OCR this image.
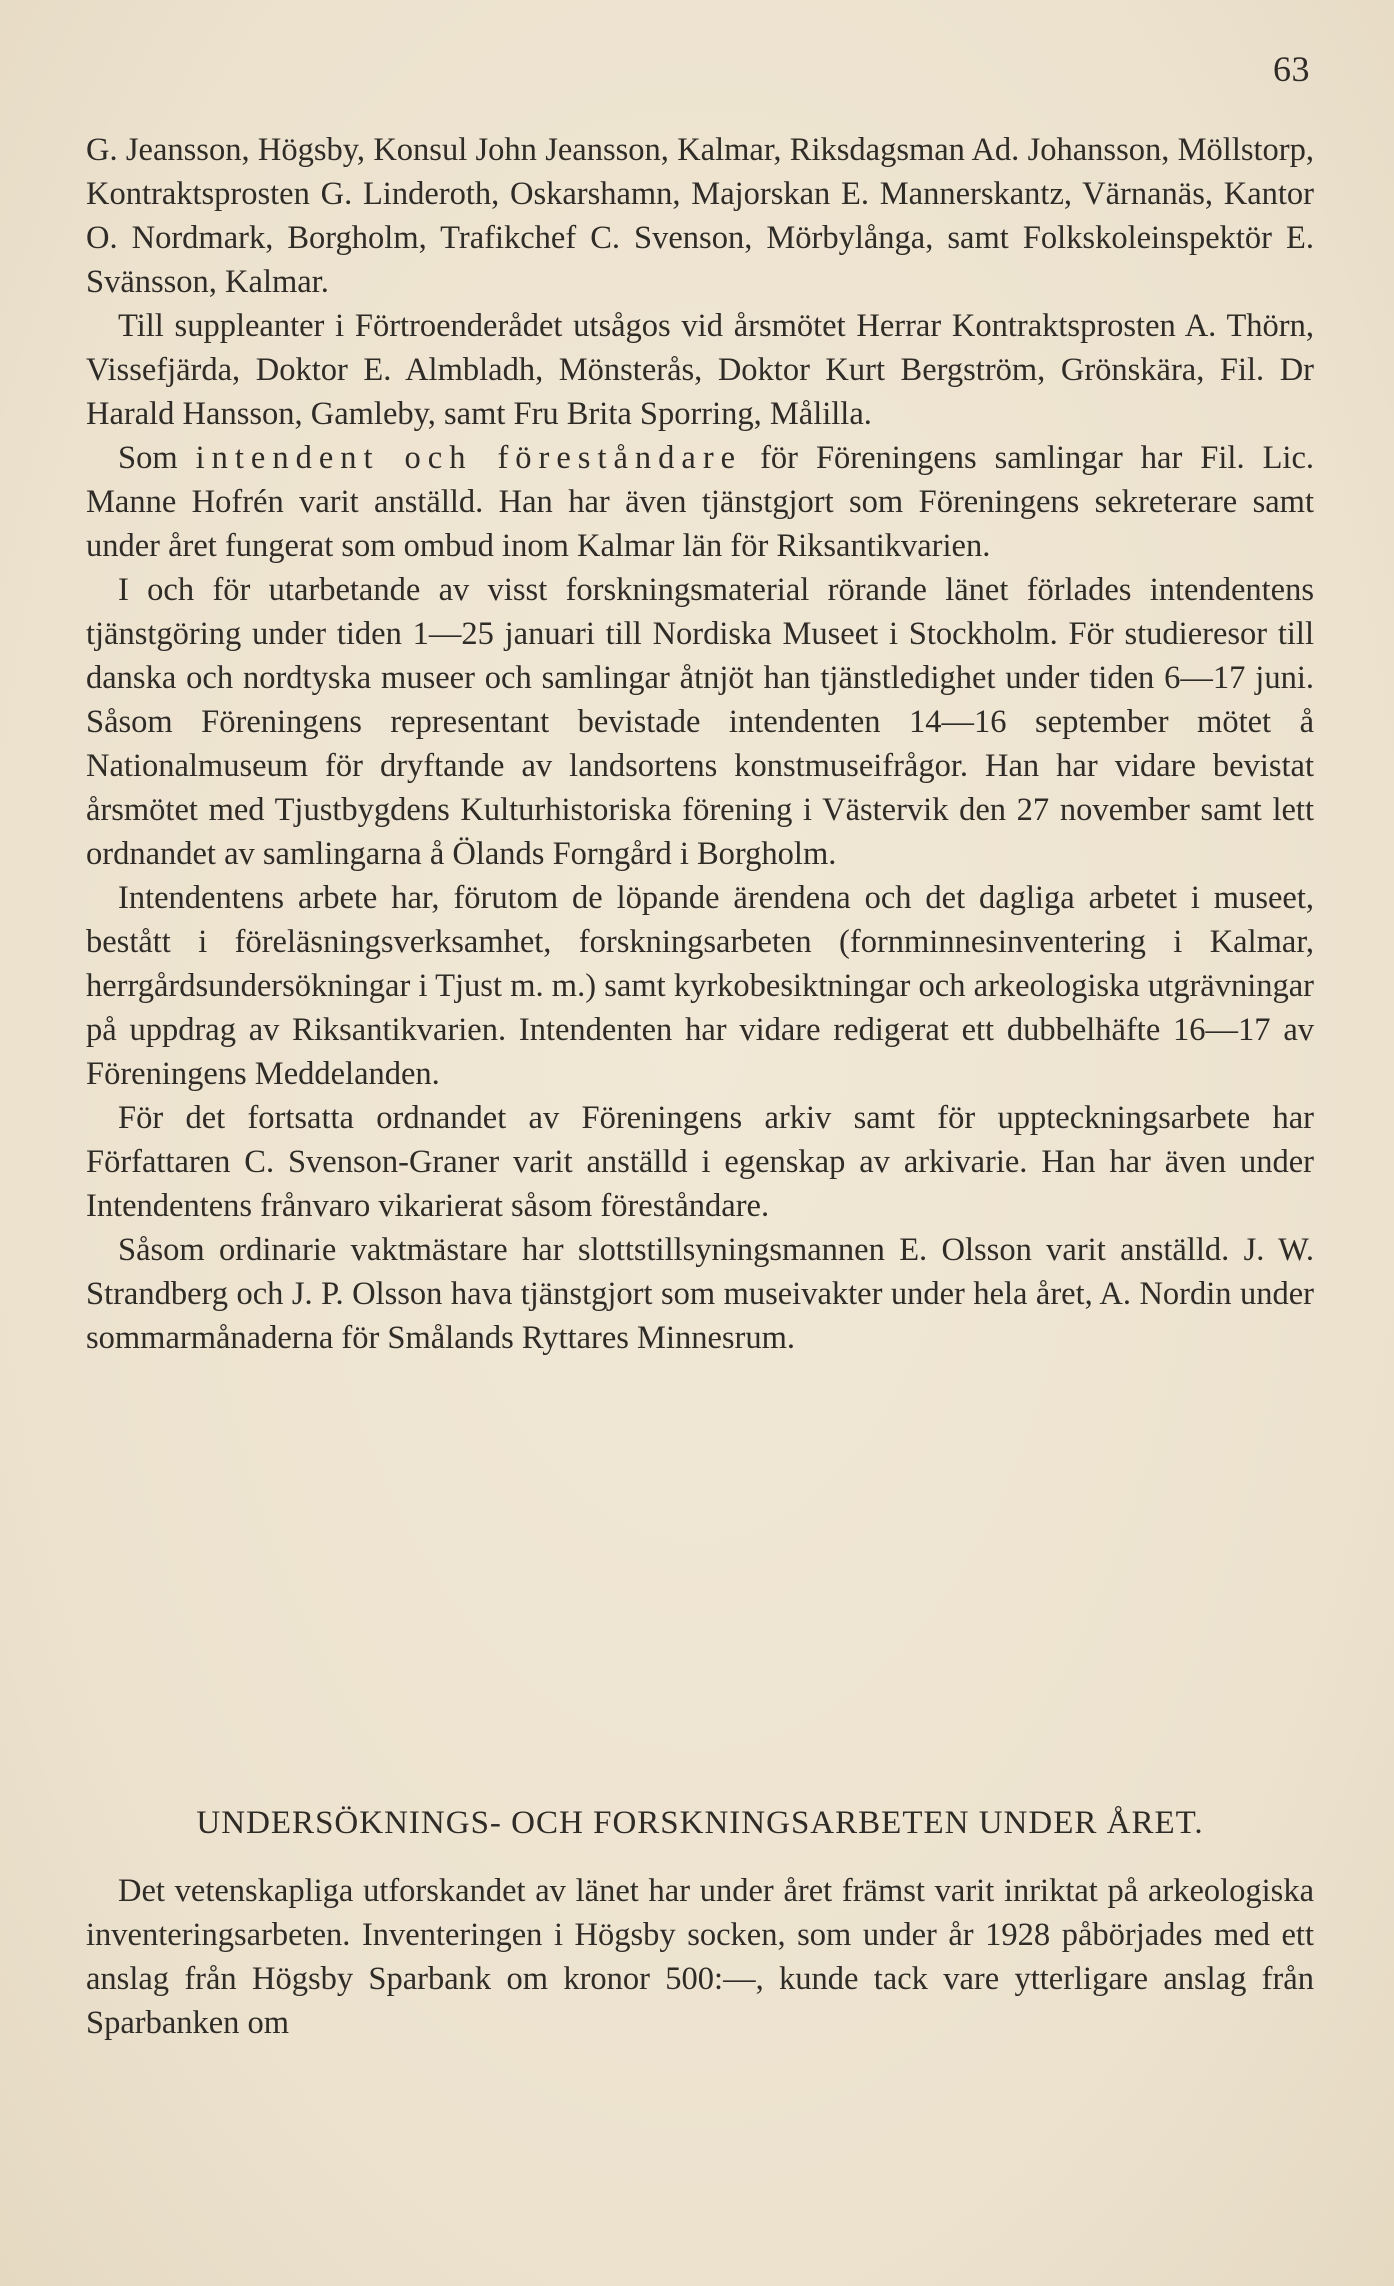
63

G. Jeansson, Högsby, Konsul John Jeansson, Kalmar, Riksdagsman Ad. Johansson, Möllstorp, Kontraktsprosten G. Linderoth, Oskarshamn, Majorskan E. Mannerskantz, Värnanäs, Kantor O. Nordmark, Borgholm, Trafikchef C. Svenson, Mörbylånga, samt Folkskoleinspektör E. Svänsson, Kalmar.

Till suppleanter i Förtroenderådet utsågos vid årsmötet Herrar Kontraktsprosten A. Thörn, Vissefjärda, Doktor E. Almbladh, Mönsterås, Doktor Kurt Bergström, Grönskära, Fil. Dr Harald Hansson, Gamleby, samt Fru Brita Sporring, Målilla.

Som intendent och föreståndare för Föreningens samlingar har Fil. Lic. Manne Hofrén varit anställd. Han har även tjänstgjort som Föreningens sekreterare samt under året fungerat som ombud inom Kalmar län för Riksantikvarien.

I och för utarbetande av visst forskningsmaterial rörande länet förlades intendentens tjänstgöring under tiden 1—25 januari till Nordiska Museet i Stockholm. För studieresor till danska och nordtyska museer och samlingar åtnjöt han tjänstledighet under tiden 6—17 juni. Såsom Föreningens representant bevistade intendenten 14—16 september mötet å Nationalmuseum för dryftande av landsortens konstmuseifrågor. Han har vidare bevistat årsmötet med Tjustbygdens Kulturhistoriska förening i Västervik den 27 november samt lett ordnandet av samlingarna å Ölands Forngård i Borgholm.

Intendentens arbete har, förutom de löpande ärendena och det dagliga arbetet i museet, bestått i föreläsningsverksamhet, forskningsarbeten (fornminnesinventering i Kalmar, herrgårdsundersökningar i Tjust m. m.) samt kyrkobesiktningar och arkeologiska utgrävningar på uppdrag av Riksantikvarien. Intendenten har vidare redigerat ett dubbelhäfte 16—17 av Föreningens Meddelanden.

För det fortsatta ordnandet av Föreningens arkiv samt för uppteckningsarbete har Författaren C. Svenson-Graner varit anställd i egenskap av arkivarie. Han har även under Intendentens frånvaro vikarierat såsom föreståndare.

Såsom ordinarie vaktmästare har slottstillsyningsmannen E. Olsson varit anställd. J. W. Strandberg och J. P. Olsson hava tjänstgjort som museivakter under hela året, A. Nordin under sommarmånaderna för Smålands Ryttares Minnesrum.

UNDERSÖKNINGS- OCH FORSKNINGSARBETEN UNDER ÅRET.

Det vetenskapliga utforskandet av länet har under året främst varit inriktat på arkeologiska inventeringsarbeten. Inventeringen i Högsby socken, som under år 1928 påbörjades med ett anslag från Högsby Sparbank om kronor 500:—, kunde tack vare ytterligare anslag från Sparbanken om
